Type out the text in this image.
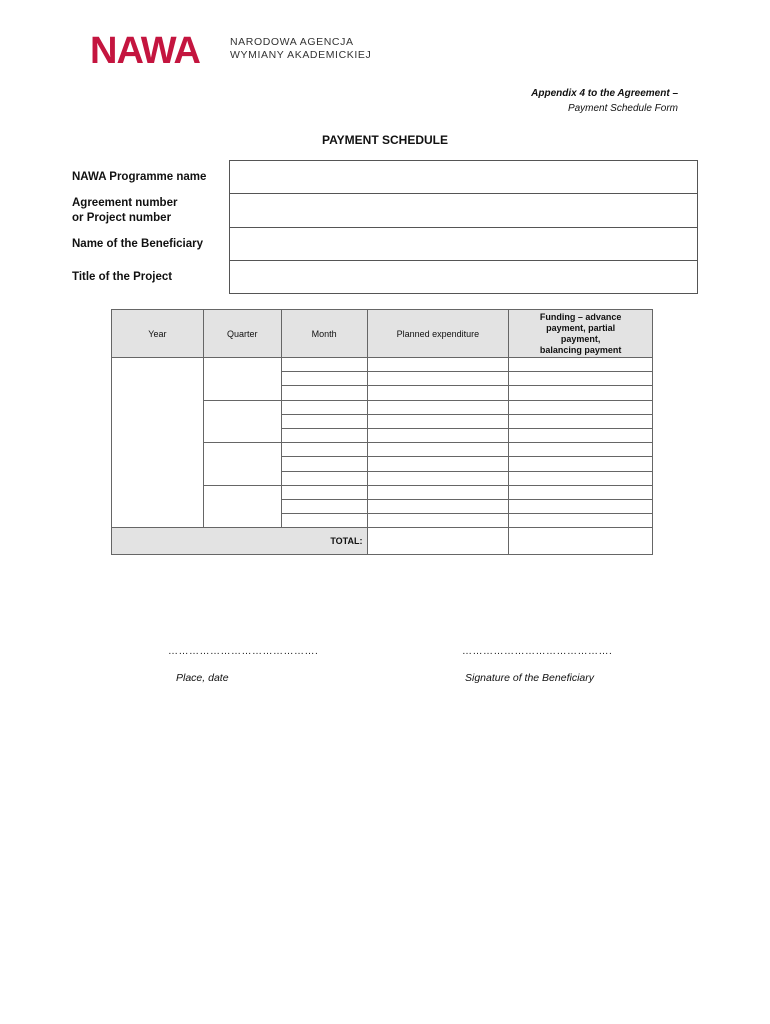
NAWA	NARODOWA AGENCJA
WYMIANY AKADEMICKIEJ
Appendix 4 to the Agreement –
Payment Schedule Form
PAYMENT SCHEDULE
NAWA Programme name	

Agreement number
or Project number	

Name of the Beneficiary	
Title of the Project	
Year	Quarter	Month	Planned expenditure	Funding – advance
payment, partial
payment,
balancing payment

TOTAL:				
…………………………………….
Place, date
…………………………………….
Signature of the Beneficiary
